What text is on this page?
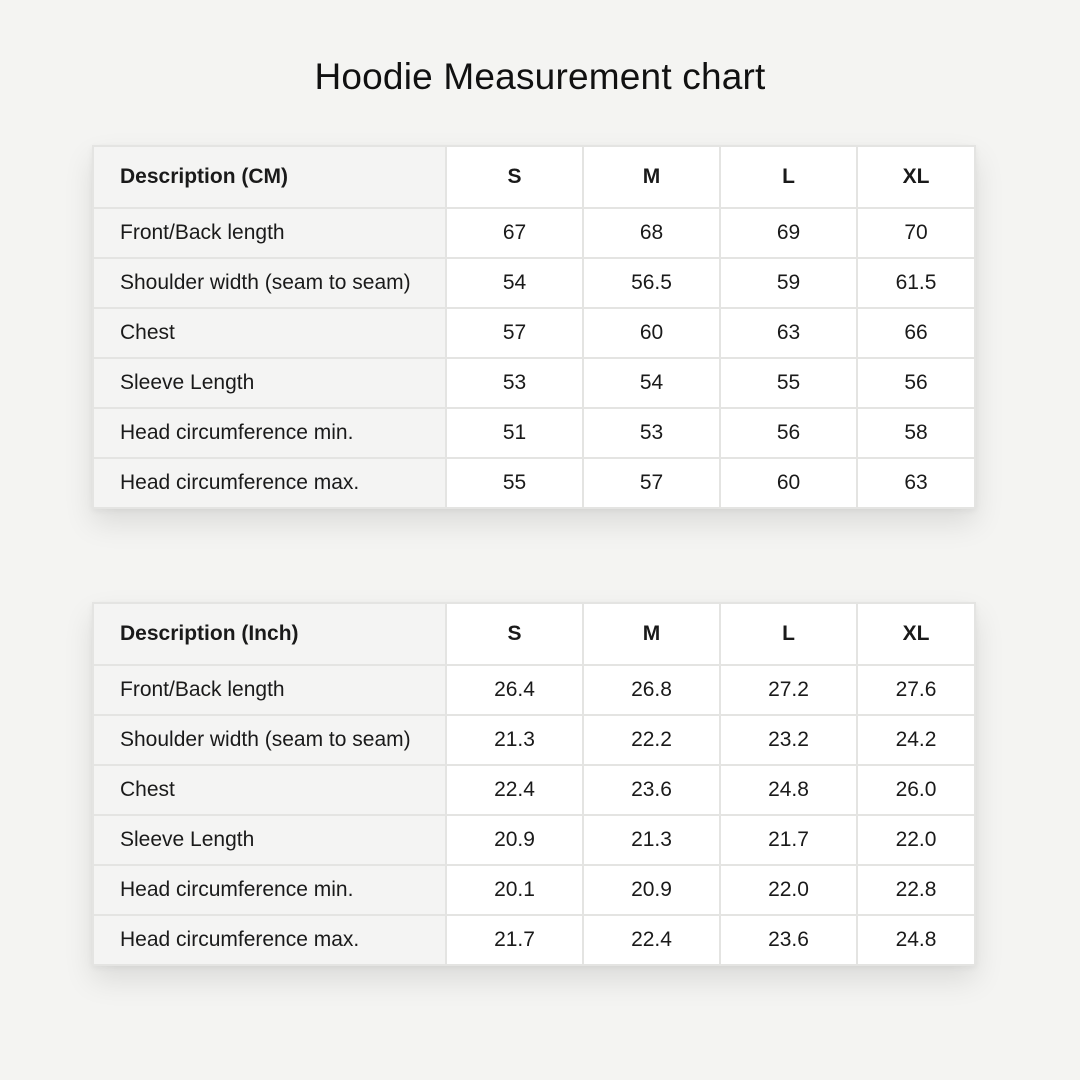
Hoodie Measurement chart
Description (CM)	S	M	L	XL
Front/Back length	67	68	69	70
Shoulder width (seam to seam)	54	56.5	59	61.5
Chest	57	60	63	66
Sleeve Length	53	54	55	56
Head circumference min.	51	53	56	58
Head circumference max.	55	57	60	63
Description (Inch)	S	M	L	XL
Front/Back length	26.4	26.8	27.2	27.6
Shoulder width (seam to seam)	21.3	22.2	23.2	24.2
Chest	22.4	23.6	24.8	26.0
Sleeve Length	20.9	21.3	21.7	22.0
Head circumference min.	20.1	20.9	22.0	22.8
Head circumference max.	21.7	22.4	23.6	24.8
